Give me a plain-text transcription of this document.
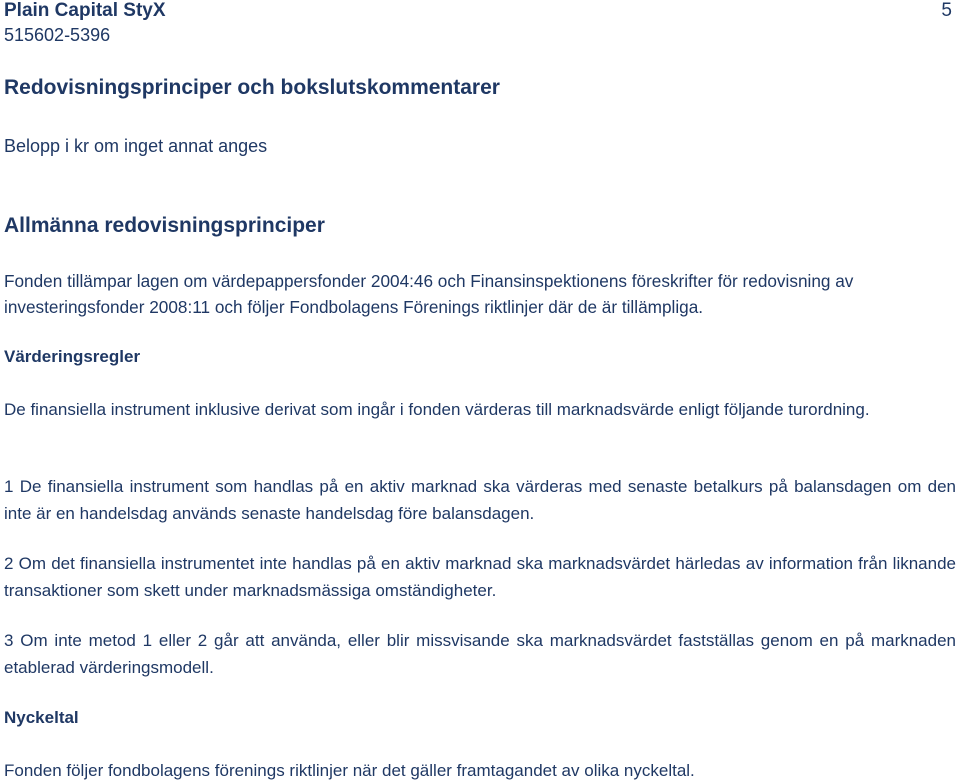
Plain Capital StyX
515602-5396
5
Redovisningsprinciper och bokslutskommentarer
Belopp i kr om inget annat anges
Allmänna redovisningsprinciper

Fonden tillämpar lagen om värdepappersfonder 2004:46 och Finansinspektionens föreskrifter för redovisning av investeringsfonder 2008:11 och följer Fondbolagens Förenings riktlinjer där de är tillämpliga.

Värderingsregler

De finansiella instrument inklusive derivat som ingår i fonden värderas till marknadsvärde enligt följande turordning.

1 De finansiella instrument som handlas på en aktiv marknad ska värderas med senaste betalkurs på balansdagen om den inte är en handelsdag används senaste handelsdag före balansdagen.

2 Om det finansiella instrumentet inte handlas på en aktiv marknad ska marknadsvärdet härledas av information från liknande transaktioner som skett under marknadsmässiga omständigheter.

3 Om inte metod 1 eller 2 går att använda, eller blir missvisande ska marknadsvärdet fastställas genom en på marknaden etablerad värderingsmodell.

Nyckeltal

Fonden följer fondbolagens förenings riktlinjer när det gäller framtagandet av olika nyckeltal.
